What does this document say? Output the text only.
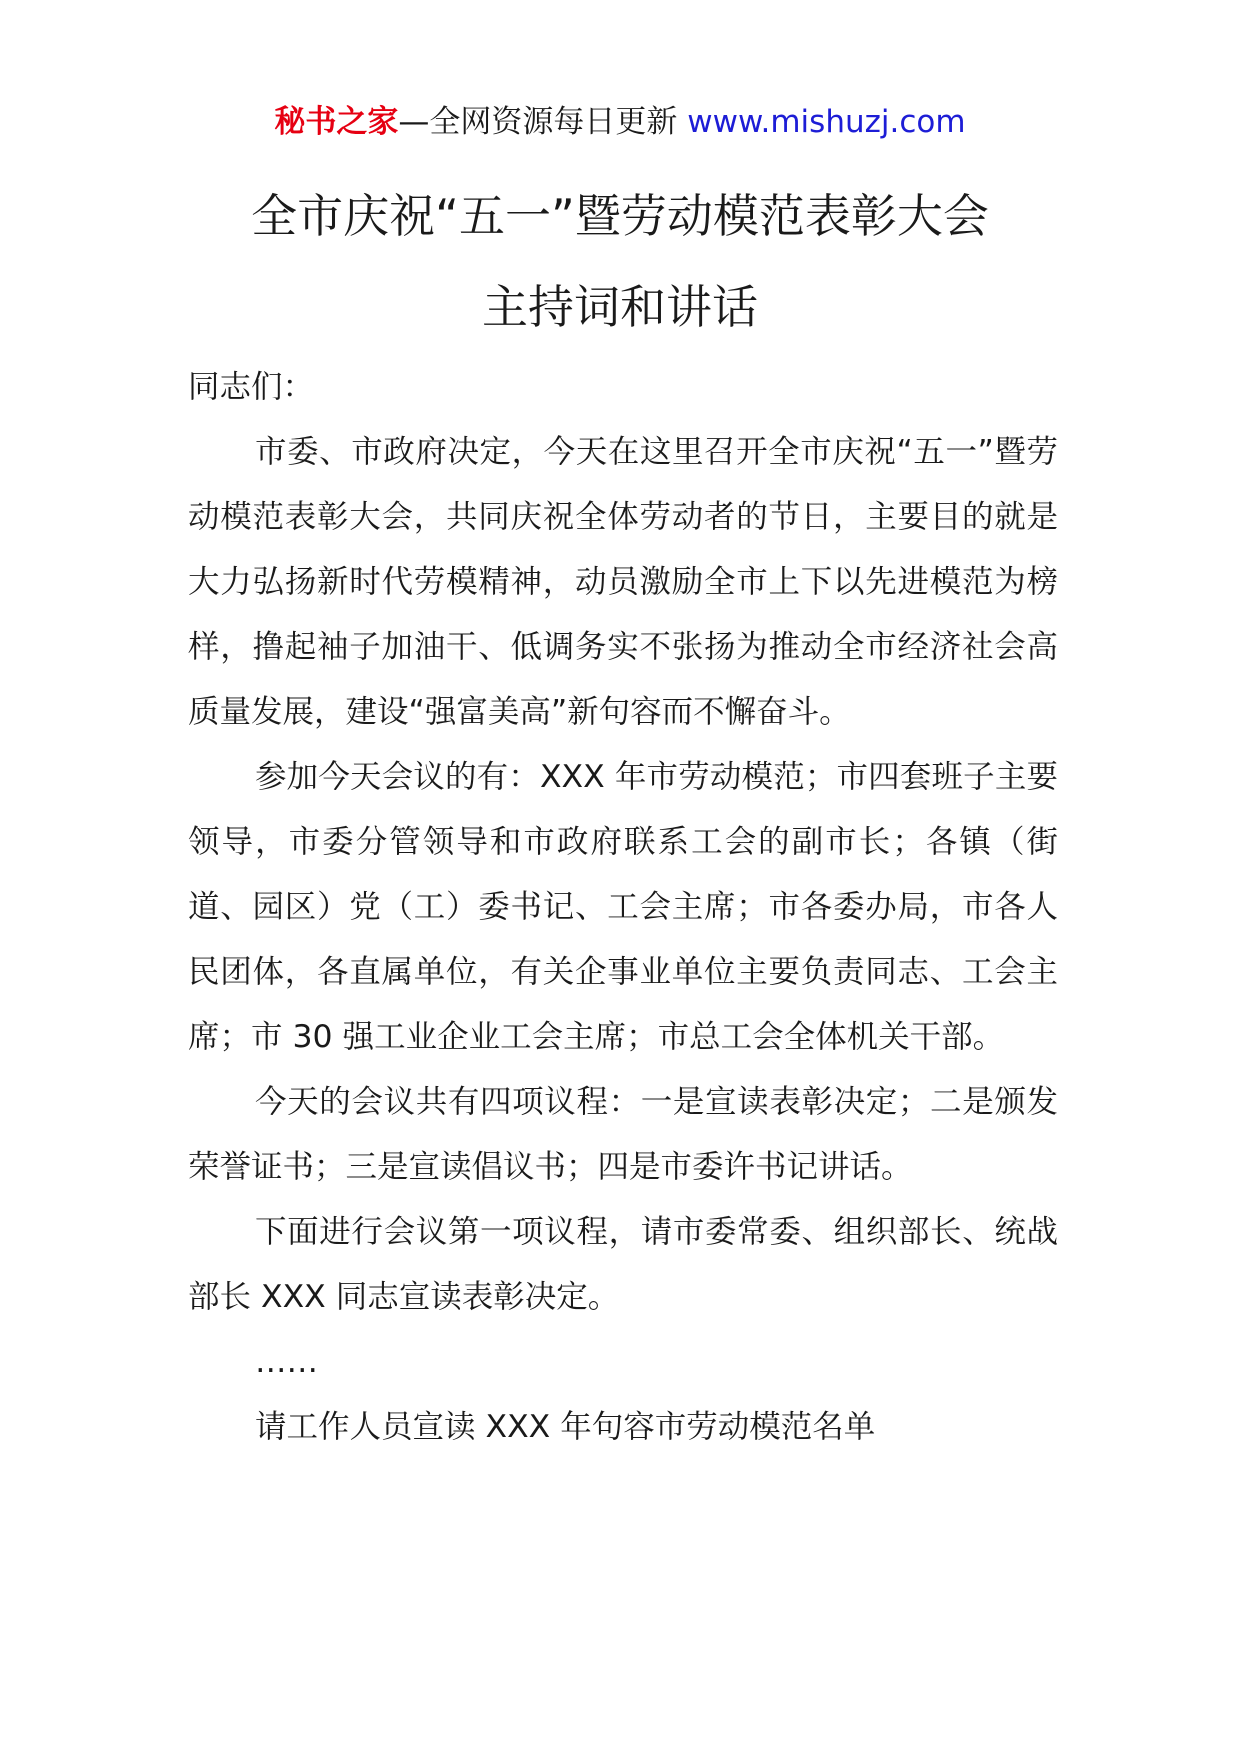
秘书之家—全网资源每日更新 www.mishuzj.com
全市庆祝“五一”暨劳动模范表彰大会
主持词和讲话

同志们：

市委、市政府决定，今天在这里召开全市庆祝“五一”暨劳动模范表彰大会，共同庆祝全体劳动者的节日，主要目的就是大力弘扬新时代劳模精神，动员激励全市上下以先进模范为榜样，撸起袖子加油干、低调务实不张扬为推动全市经济社会高质量发展，建设“强富美高”新句容而不懈奋斗。

参加今天会议的有：XXX 年市劳动模范；市四套班子主要领导，市委分管领导和市政府联系工会的副市长；各镇（街道、园区）党（工）委书记、工会主席；市各委办局，市各人民团体，各直属单位，有关企事业单位主要负责同志、工会主席；市 30 强工业企业工会主席；市总工会全体机关干部。

今天的会议共有四项议程：一是宣读表彰决定；二是颁发荣誉证书；三是宣读倡议书；四是市委许书记讲话。

下面进行会议第一项议程，请市委常委、组织部长、统战部长 XXX 同志宣读表彰决定。

……

请工作人员宣读 XXX 年句容市劳动模范名单
